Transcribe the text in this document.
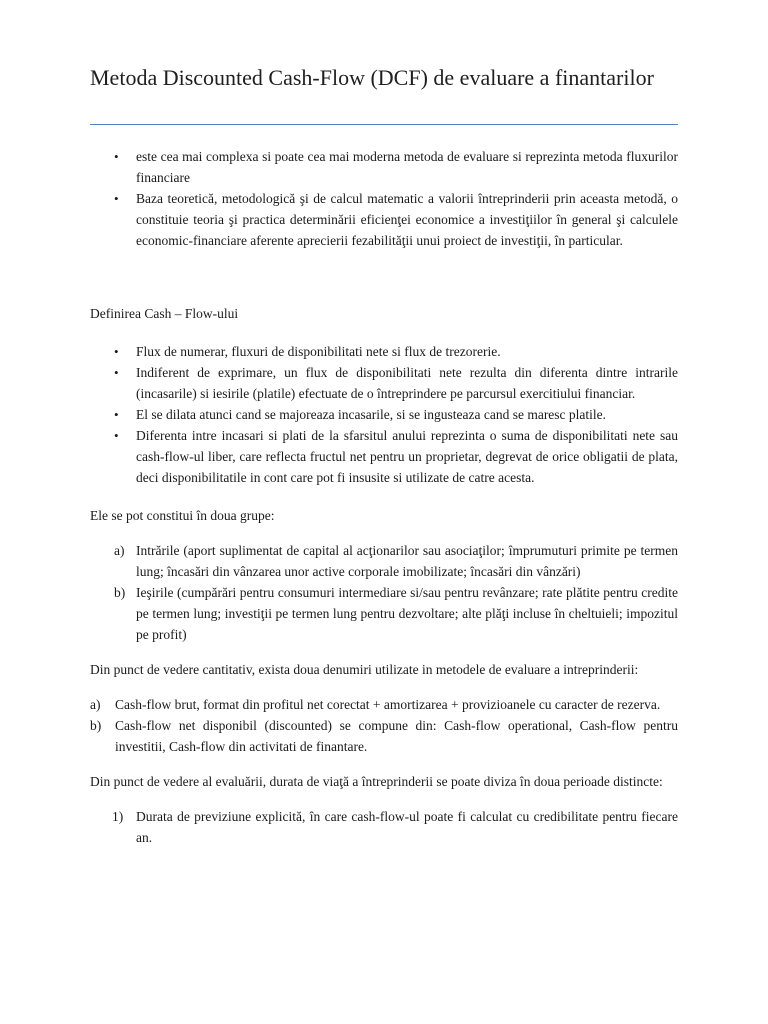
Metoda Discounted Cash-Flow (DCF) de evaluare a finantarilor
• este cea mai complexa si poate cea mai moderna metoda de evaluare si reprezinta metoda fluxurilor financiare
• Baza teoretică, metodologică şi de calcul matematic a valorii întreprinderii prin aceasta metodă, o constituie teoria şi practica determinării eficienţei economice a investiţiilor în general şi calculele economic-financiare aferente aprecierii fezabilităţii unui proiect de investiţii, în particular.

Definirea Cash – Flow-ului

• Flux de numerar, fluxuri de disponibilitati nete si flux de trezorerie.
• Indiferent de exprimare, un flux de disponibilitati nete rezulta din diferenta dintre intrarile (incasarile) si iesirile (platile) efectuate de o întreprindere pe parcursul exercitiului financiar.
• El se dilata atunci cand se majoreaza incasarile, si se ingusteaza cand se maresc platile.
• Diferenta intre incasari si plati de la sfarsitul anului reprezinta o suma de disponibilitati nete sau cash-flow-ul liber, care reflecta fructul net pentru un proprietar, degrevat de orice obligatii de plata, deci disponibilitatile in cont care pot fi insusite si utilizate de catre acesta.

Ele se pot constitui în doua grupe:

a) Intrările (aport suplimentat de capital al acţionarilor sau asociaţilor; împrumuturi primite pe termen lung; încasări din vânzarea unor active corporale imobilizate; încasări din vânzări)
b) Ieşirile (cumpărări pentru consumuri intermediare si/sau pentru revânzare; rate plătite pentru credite pe termen lung; investiţii pe termen lung pentru dezvoltare; alte plăţi incluse în cheltuieli; impozitul pe profit)

Din punct de vedere cantitativ, exista doua denumiri utilizate in metodele de evaluare a intreprinderii:

a) Cash-flow brut, format din profitul net corectat + amortizarea + provizioanele cu caracter de rezerva.
b) Cash-flow net disponibil (discounted) se compune din: Cash-flow operational, Cash-flow pentru investitii, Cash-flow din activitati de finantare.

Din punct de vedere al evaluării, durata de viaţă a întreprinderii se poate diviza în doua perioade distincte:

1) Durata de previziune explicită, în care cash-flow-ul poate fi calculat cu credibilitate pentru fiecare an.
